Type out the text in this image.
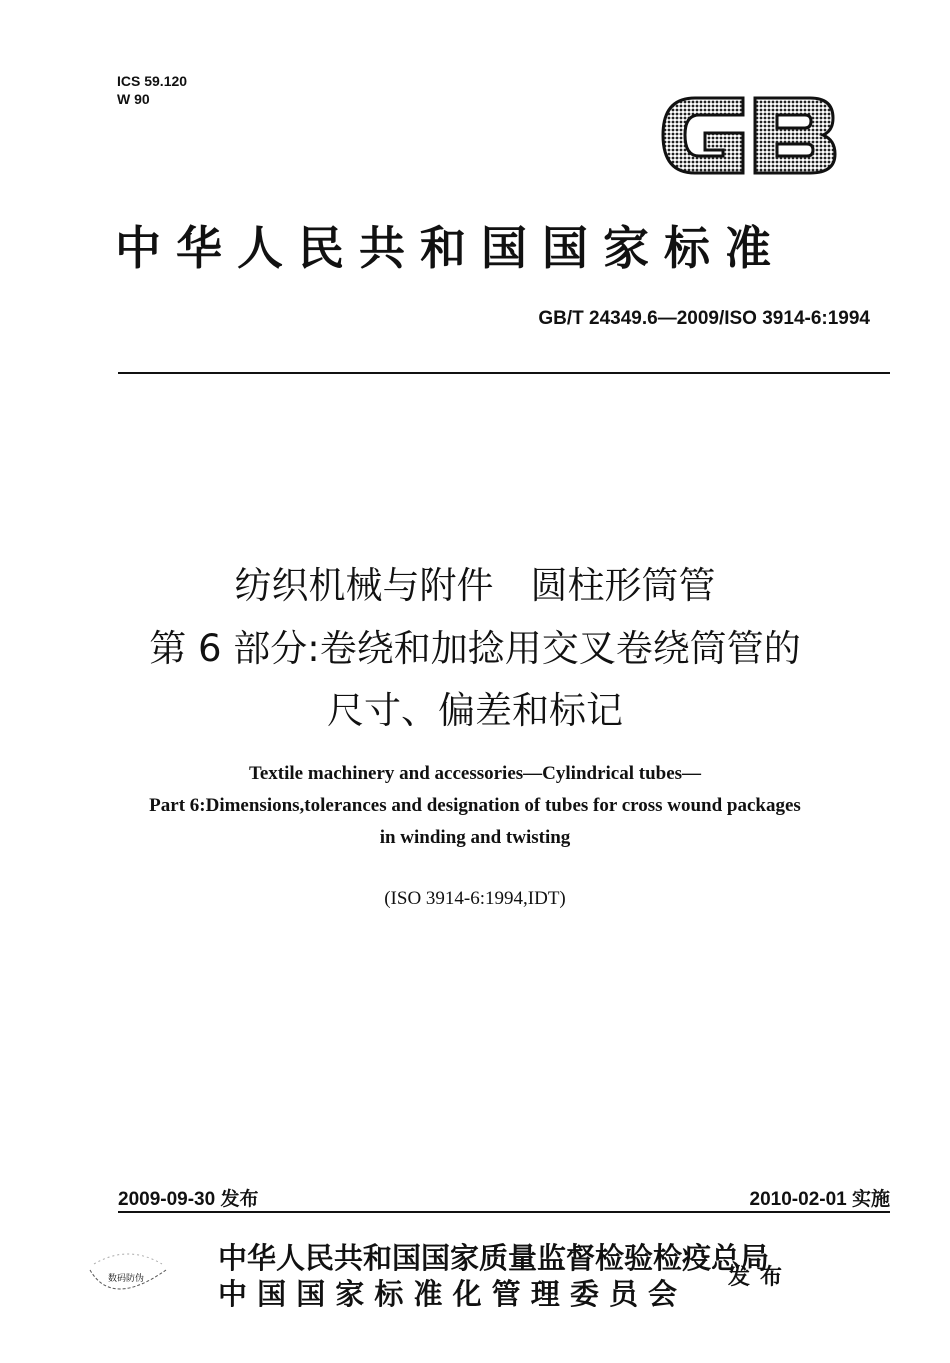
ICS 59.120
W 90
GB
中华人民共和国国家标准
GB/T 24349.6—2009/ISO 3914-6:1994
纺织机械与附件　圆柱形筒管
第 6 部分:卷绕和加捻用交叉卷绕筒管的
尺寸、偏差和标记
Textile machinery and accessories—Cylindrical tubes—
Part 6:Dimensions,tolerances and designation of tubes for cross wound packages
in winding and twisting
(ISO 3914-6:1994,IDT)
2009-09-30 发布	2010-02-01 实施
数码防伪
中华人民共和国国家质量监督检验检疫总局
中 国 国 家 标 准 化 管 理 委 员 会 发布
